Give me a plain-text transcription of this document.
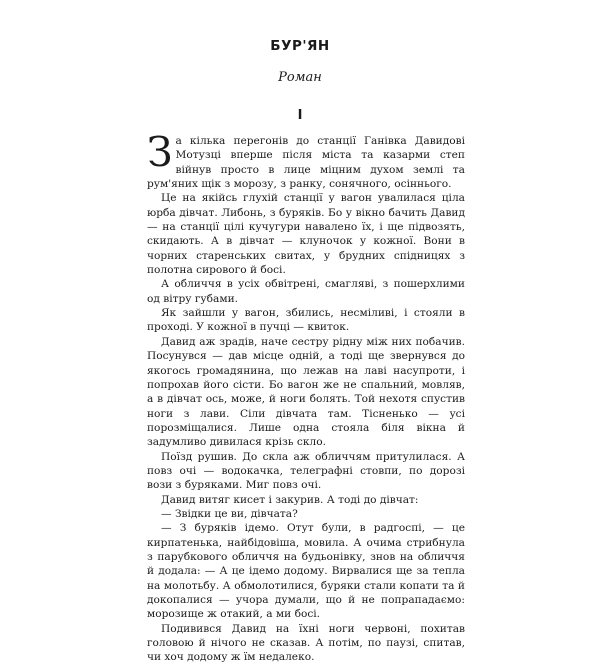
БУР'ЯН
Роман
I

За кілька перегонів до станції Ганівка Давидові Мотузці вперше після міста та казарми степ війнув просто в лице міцним духом землі та рум'яних щік з морозу, з ранку, сонячного, осіннього.

Це на якійсь глухій станції у вагон увалилася ціла юрба дівчат. Либонь, з буряків. Бо у вікно бачить Давид — на станції цілі кучугури навалено їх, і ще підвозять, скидають. А в дівчат — клуночок у кожної. Вони в чорних старенських свитах, у брудних спідницях з полотна сировогo й босі.

А обличчя в усіх обвітрені, смагляві, з пошерхлими од вітру губами.

Як зайшли у вагон, збились, несміливі, і стояли в проході. У кожної в пучці — квиток.

Давид аж зрадів, наче сестру рідну між них побачив. Посунувся — дав місце одній, а тоді ще звернувся до якогось громадянина, що лежав на лаві насупроти, і попрохав його сісти. Бо вагон же не спальний, мовляв, а в дівчат ось, може, й ноги болять. Той нехотя спустив ноги з лави. Сіли дівчата там. Тісненько — усі порозміщалися. Лише одна стояла біля вікна й задумливо дивилася крізь скло.

Поїзд рушив. До скла аж обличчям притулилася. А повз очі — водокачка, телеграфні стовпи, по дорозі вози з буряками. Миг повз очі.

Давид витяг кисет і закурив. А тоді до дівчат:

— Звідки це ви, дівчата?

— З буряків ідемо. Отут були, в радгоспі, — це кирпатенька, найбідовіша, мовила. А очима стрибнула з парубкового обличчя на будьонівку, знов на обличчя й додала: — А це ідемо додому. Вирвалися ще за тепла на молотьбу. А обмолотилися, буряки стали копати та й докопалися — учора думали, що й не попрападаємо: морозище ж отакий, а ми босі.

Подивився Давид на їхні ноги червоні, похитав головою й нічого не сказав. А потім, по паузі, спитав, чи хоч додому ж їм недалеко.
